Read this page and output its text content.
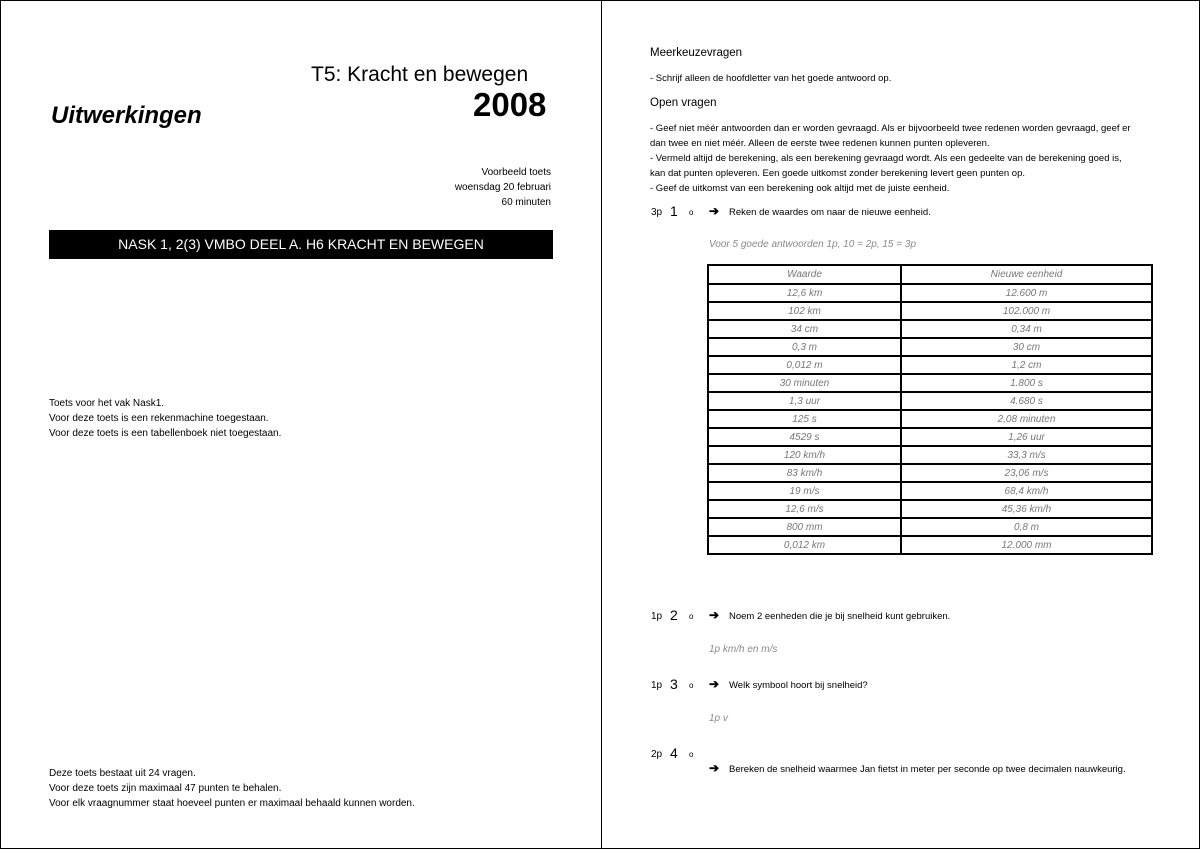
T5: Kracht en bewegen
2008
Uitwerkingen
Voorbeeld toets
woensdag 20 februari
60 minuten
NASK 1, 2(3) VMBO DEEL A. H6 KRACHT EN BEWEGEN
Toets voor het vak Nask1.
Voor deze toets is een rekenmachine toegestaan.
Voor deze toets is een tabellenboek niet toegestaan.
Deze toets bestaat uit 24 vragen.
Voor deze toets zijn maximaal 47 punten te behalen.
Voor elk vraagnummer staat hoeveel punten er maximaal behaald kunnen worden.
Meerkeuzevragen
- Schrijf alleen de hoofdletter van het goede antwoord op.
Open vragen
- Geef niet méér antwoorden dan er worden gevraagd. Als er bijvoorbeeld twee redenen worden gevraagd, geef er
dan twee en niet méér. Alleen de eerste twee redenen kunnen punten opleveren.
- Vermeld altijd de berekening, als een berekening gevraagd wordt. Als een gedeelte van de berekening goed is,
kan dat punten opleveren. Een goede uitkomst zonder berekening levert geen punten op.
- Geef de uitkomst van een berekening ook altijd met de juiste eenheid.
3p 1 o ➔ Reken de waardes om naar de nieuwe eenheid.
Voor 5 goede antwoorden 1p, 10 = 2p, 15 = 3p
Waarde	Nieuwe eenheid
12,6 km	12.600 m
102 km	102.000 m
34 cm	0,34 m
0,3 m	30 cm
0,012 m	1,2 cm
30 minuten	1.800 s
1,3 uur	4.680 s
125 s	2,08 minuten
4529 s	1,26 uur
120 km/h	33,3 m/s
83 km/h	23,06 m/s
19 m/s	68,4 km/h
12,6 m/s	45,36 km/h
800 mm	0,8 m
0,012 km	12.000 mm
1p 2 o ➔ Noem 2 eenheden die je bij snelheid kunt gebruiken.
1p km/h en m/s
1p 3 o ➔ Welk symbool hoort bij snelheid?
1p v
2p 4 o
➔ Bereken de snelheid waarmee Jan fietst in meter per seconde op twee decimalen nauwkeurig.
